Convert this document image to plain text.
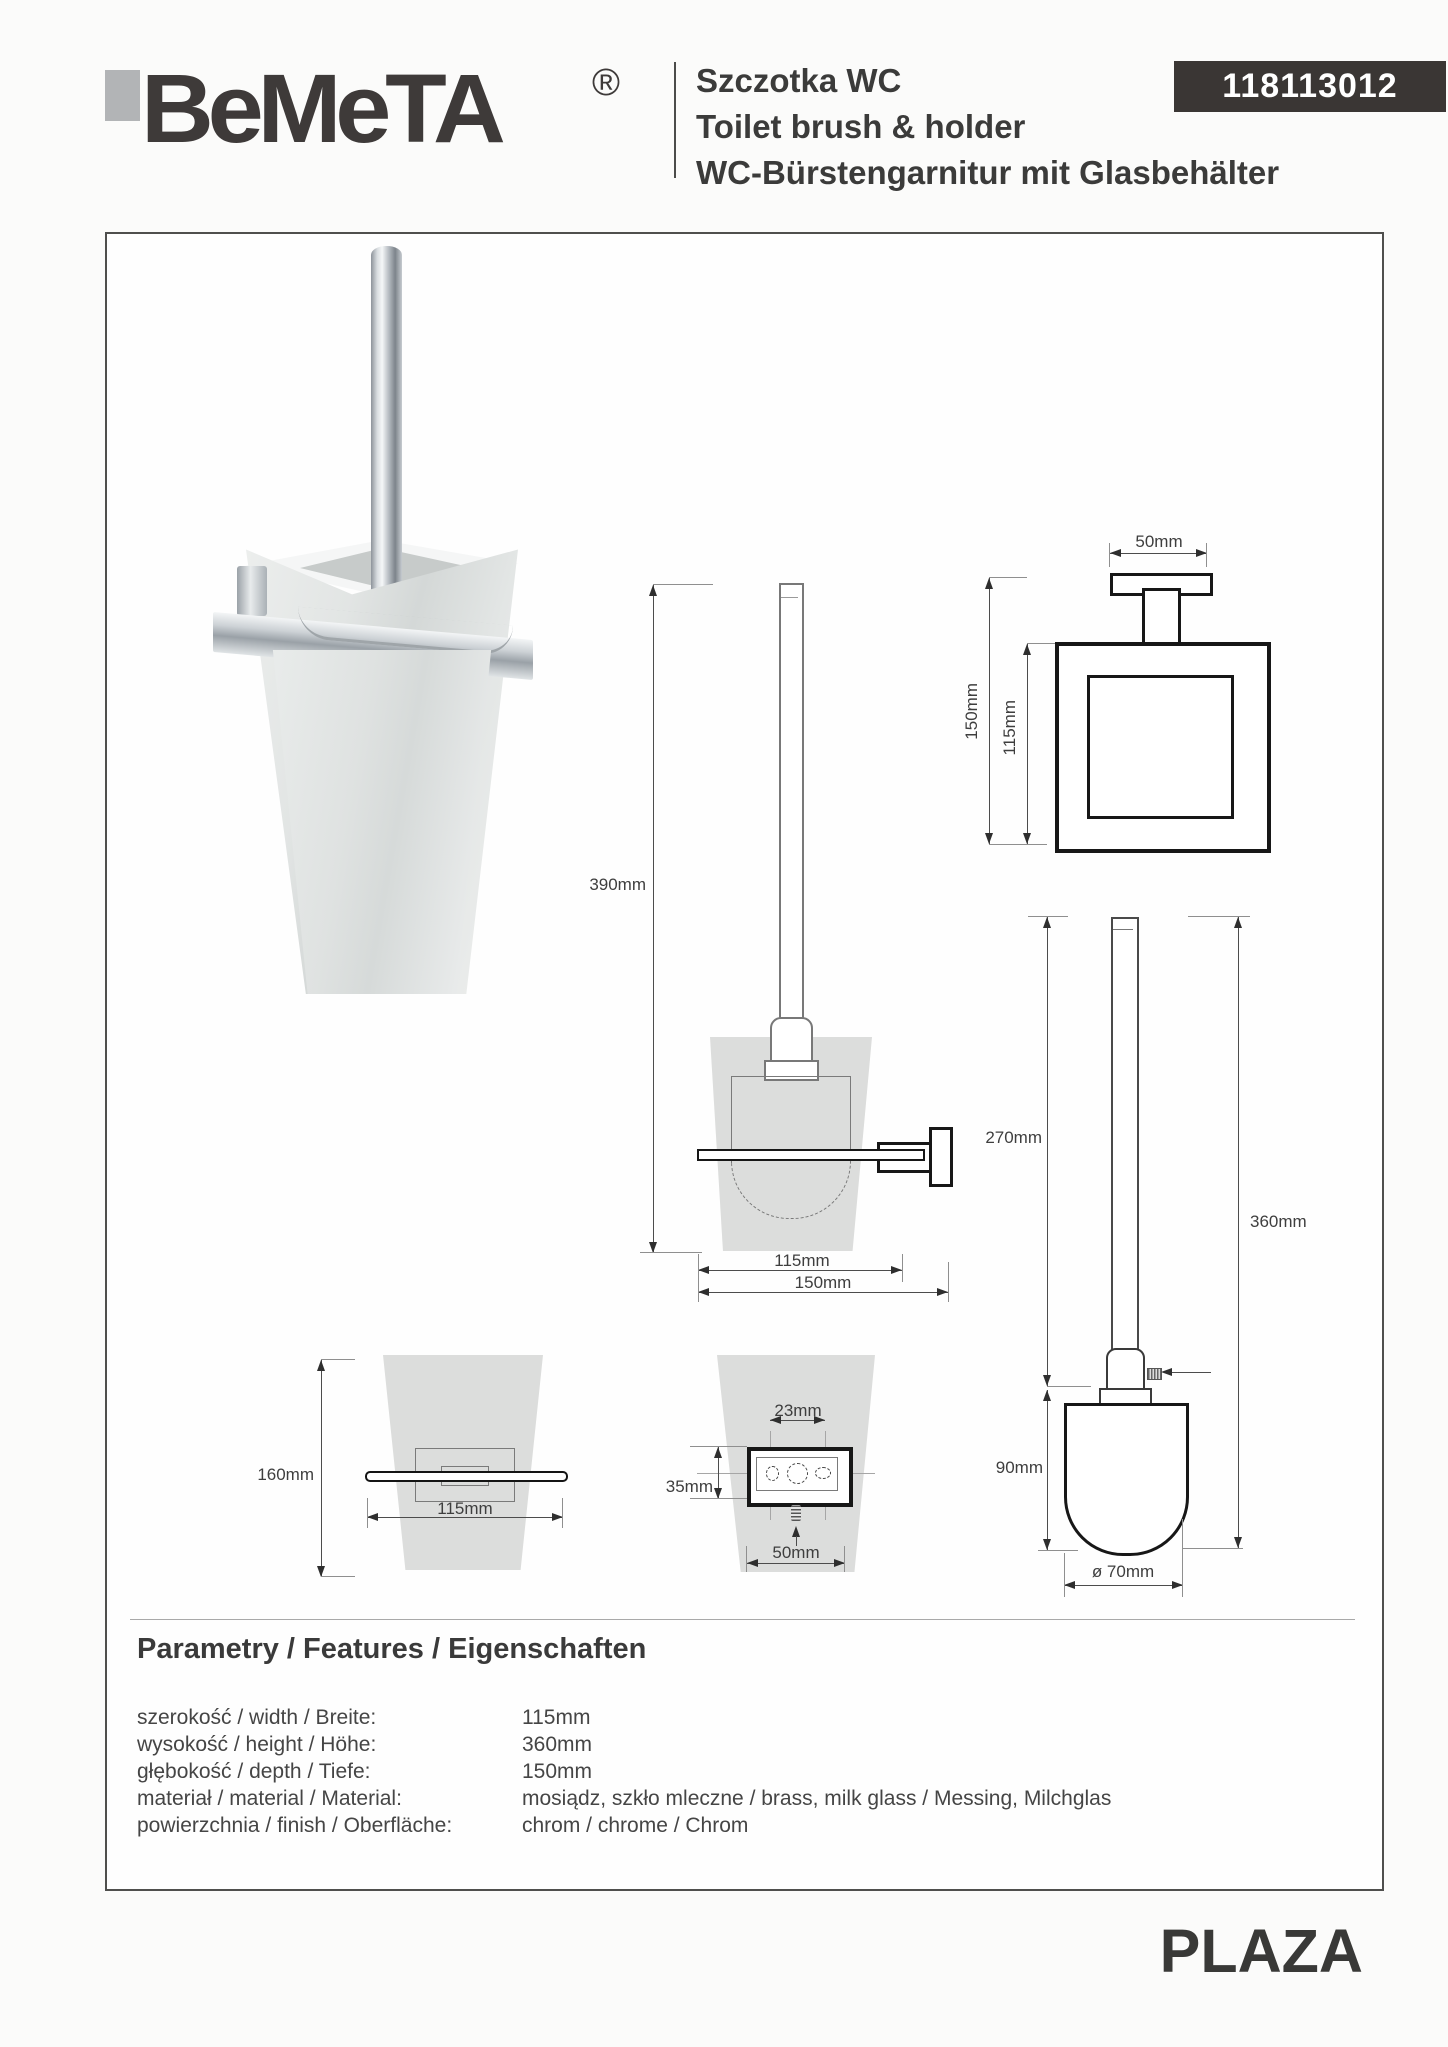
BeMeTA ® Szczotka WC
Toilet brush & holder
WC-Bürstengarnitur mit Glasbehälter
118113012
390mm
115mm
150mm
50mm
150mm 115mm
270mm
90mm
360mm
ø 70mm
160mm
115mm
23mm
35mm
50mm
Parametry / Features / Eigenschaften
szerokość / width / Breite:	115mm
wysokość / height / Höhe:	360mm
głębokość / depth / Tiefe:	150mm
materiał / material / Material:	mosiądz, szkło mleczne / brass, milk glass / Messing, Milchglas
powierzchnia / finish / Oberfläche:	chrom / chrome / Chrom
PLAZA
